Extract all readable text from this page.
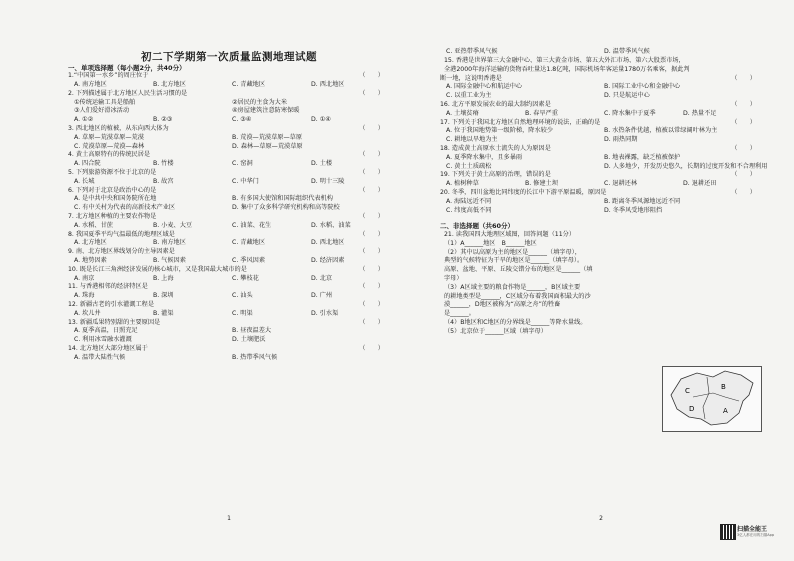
初二下学期第一次质量监测地理试题
一、单项选择题（每小题2分，共40分）
1.“中国第一水乡”的周庄位于	（　　）
A. 南方地区	B. 北方地区	C. 青藏地区	D. 西北地区
2. 下列描述属于北方地区人民生活习惯的是	（　　）
①传统运输工具是船舶	②居民的主食为大米
③人们爱好滑冰活动	④房屋建筑注意防寒保暖
A. ①②	B. ②③	C. ③④	D. ①④
3. 西北地区的植被，从东向西大体为	（　　）
A. 草原—荒漠草原—荒漠	B. 荒漠—荒漠草原—草原
C. 荒漠草原—荒漠—森林	D. 森林—草原—荒漠草原
4. 黄土高原特有的传统民居是	（　　）
A. 四合院	B. 竹楼	C. 窑洞	D. 土楼
5. 下列旅游资源不位于北京的是	（　　）
A. 长城	B. 故宫	C. 中华门	D. 明十三陵
6. 下列对于北京是政治中心的是	（　　）
A. 是中共中央和国务院所在地	B. 有多国大使馆和国际组织代表机构
C. 有中关村为代表的高新技术产业区	D. 集中了众多科学研究机构和高等院校
7. 北方地区种植的主要农作物是	（　　）
A. 水稻、甘蔗	B. 小麦、大豆	C. 油菜、花生	D. 水稻、油菜
8. 我国夏季平均气温最低的地理区域是	（　　）
A. 北方地区	B. 南方地区	C. 青藏地区	D. 西北地区
9. 南、北方地区界线划分的主导因素是	（　　）
A. 地势因素	B. 气候因素	C. 季风因素	D. 经济因素
10. 既是长江三角洲经济发展的核心城市，又是我国最大城市的是	（　　）
A. 南京	B. 上海	C. 攀枝花	D. 北京
11. 与香港相邻的经济特区是	（　　）
A. 珠海	B. 深圳	C. 汕头	D. 广州
12. 新疆古老的引水灌溉工程是	（　　）
A. 坎儿井	B. 灌渠	C. 明渠	D. 引水渠
13. 新疆瓜果特别甜的主要原因是	（　　）
A. 夏季高温，日照充足	B. 昼夜温差大
C. 利用冰雪融水灌溉	D. 土壤肥沃
14. 北方地区大部分地区属于	（　　）
A. 温带大陆性气候	B. 热带季风气候
1
C. 亚热带季风气候	D. 温带季风气候
15. 香港是世界第三大金融中心、第三大黄金市场、第五大外汇市场、第六大股票市场，
全港2000年海洋运输的货物吞吐量达1.8亿吨，国际机场年客运量1780万名乘客，据此判
断一地，这说明香港是	（　　）
A. 国际金融中心和航运中心	B. 国际工业中心和金融中心
C. 以重工业为主	D. 只是航运中心
16. 北方平原发展农业的最大制约因素是	（　　）
A. 土壤贫瘠	B. 春旱严重	C. 降水集中于夏季	D. 热量不足
17. 下列关于我国北方地区自然地理环境的说法，正确的是	（　　）
A. 位于我国地势第一级阶梯，降水较少	B. 水热条件优越，植被以常绿阔叶林为主
C. 耕地以旱地为主	D. 雨热同期
18. 造成黄土高原水土流失的人为原因是	（　　）
A. 夏季降水集中，且多暴雨	B. 地表裸露，缺乏植被保护
C. 黄土土质疏松	D. 人多地少，开发历史悠久，长期的过度开发和不合理利用
19. 下列关于黄土高原的治理，错误的是	（　　）
A. 植树种草	B. 修建土坝	C. 退耕还林	D. 退耕还田
20. 冬季，四川盆地比同纬度的长江中下游平原温暖，原因是	（　　）
A. 海陆远近不同	B. 距离冬季风源地远近不同
C. 纬度高低不同	D. 冬季风受地形阻挡
二、非选择题（共60分）
21. 读我国四大地理区域图，回答问题（11分）
（1）A______地区　B______地区
（2）其中以高原为主的地区是______（填字母），
典型的气候特征为干旱的地区是______（填字母）。
高原、盆地、平原、丘陵交错分布的地区是______（填
字母）
（3）A区域主要的粮食作物是______，B区域主要
的耕地类型是______，C区域分布着我国面积最大的沙
漠______，D地区被称为“高原之舟”的牲畜
是______。
（4）B地区和C地区的分界线是______等降水量线。
（5）北京位于______区域（填字母）
C	B
D	A
2
扫描全能王
3亿人都在用的扫描App
